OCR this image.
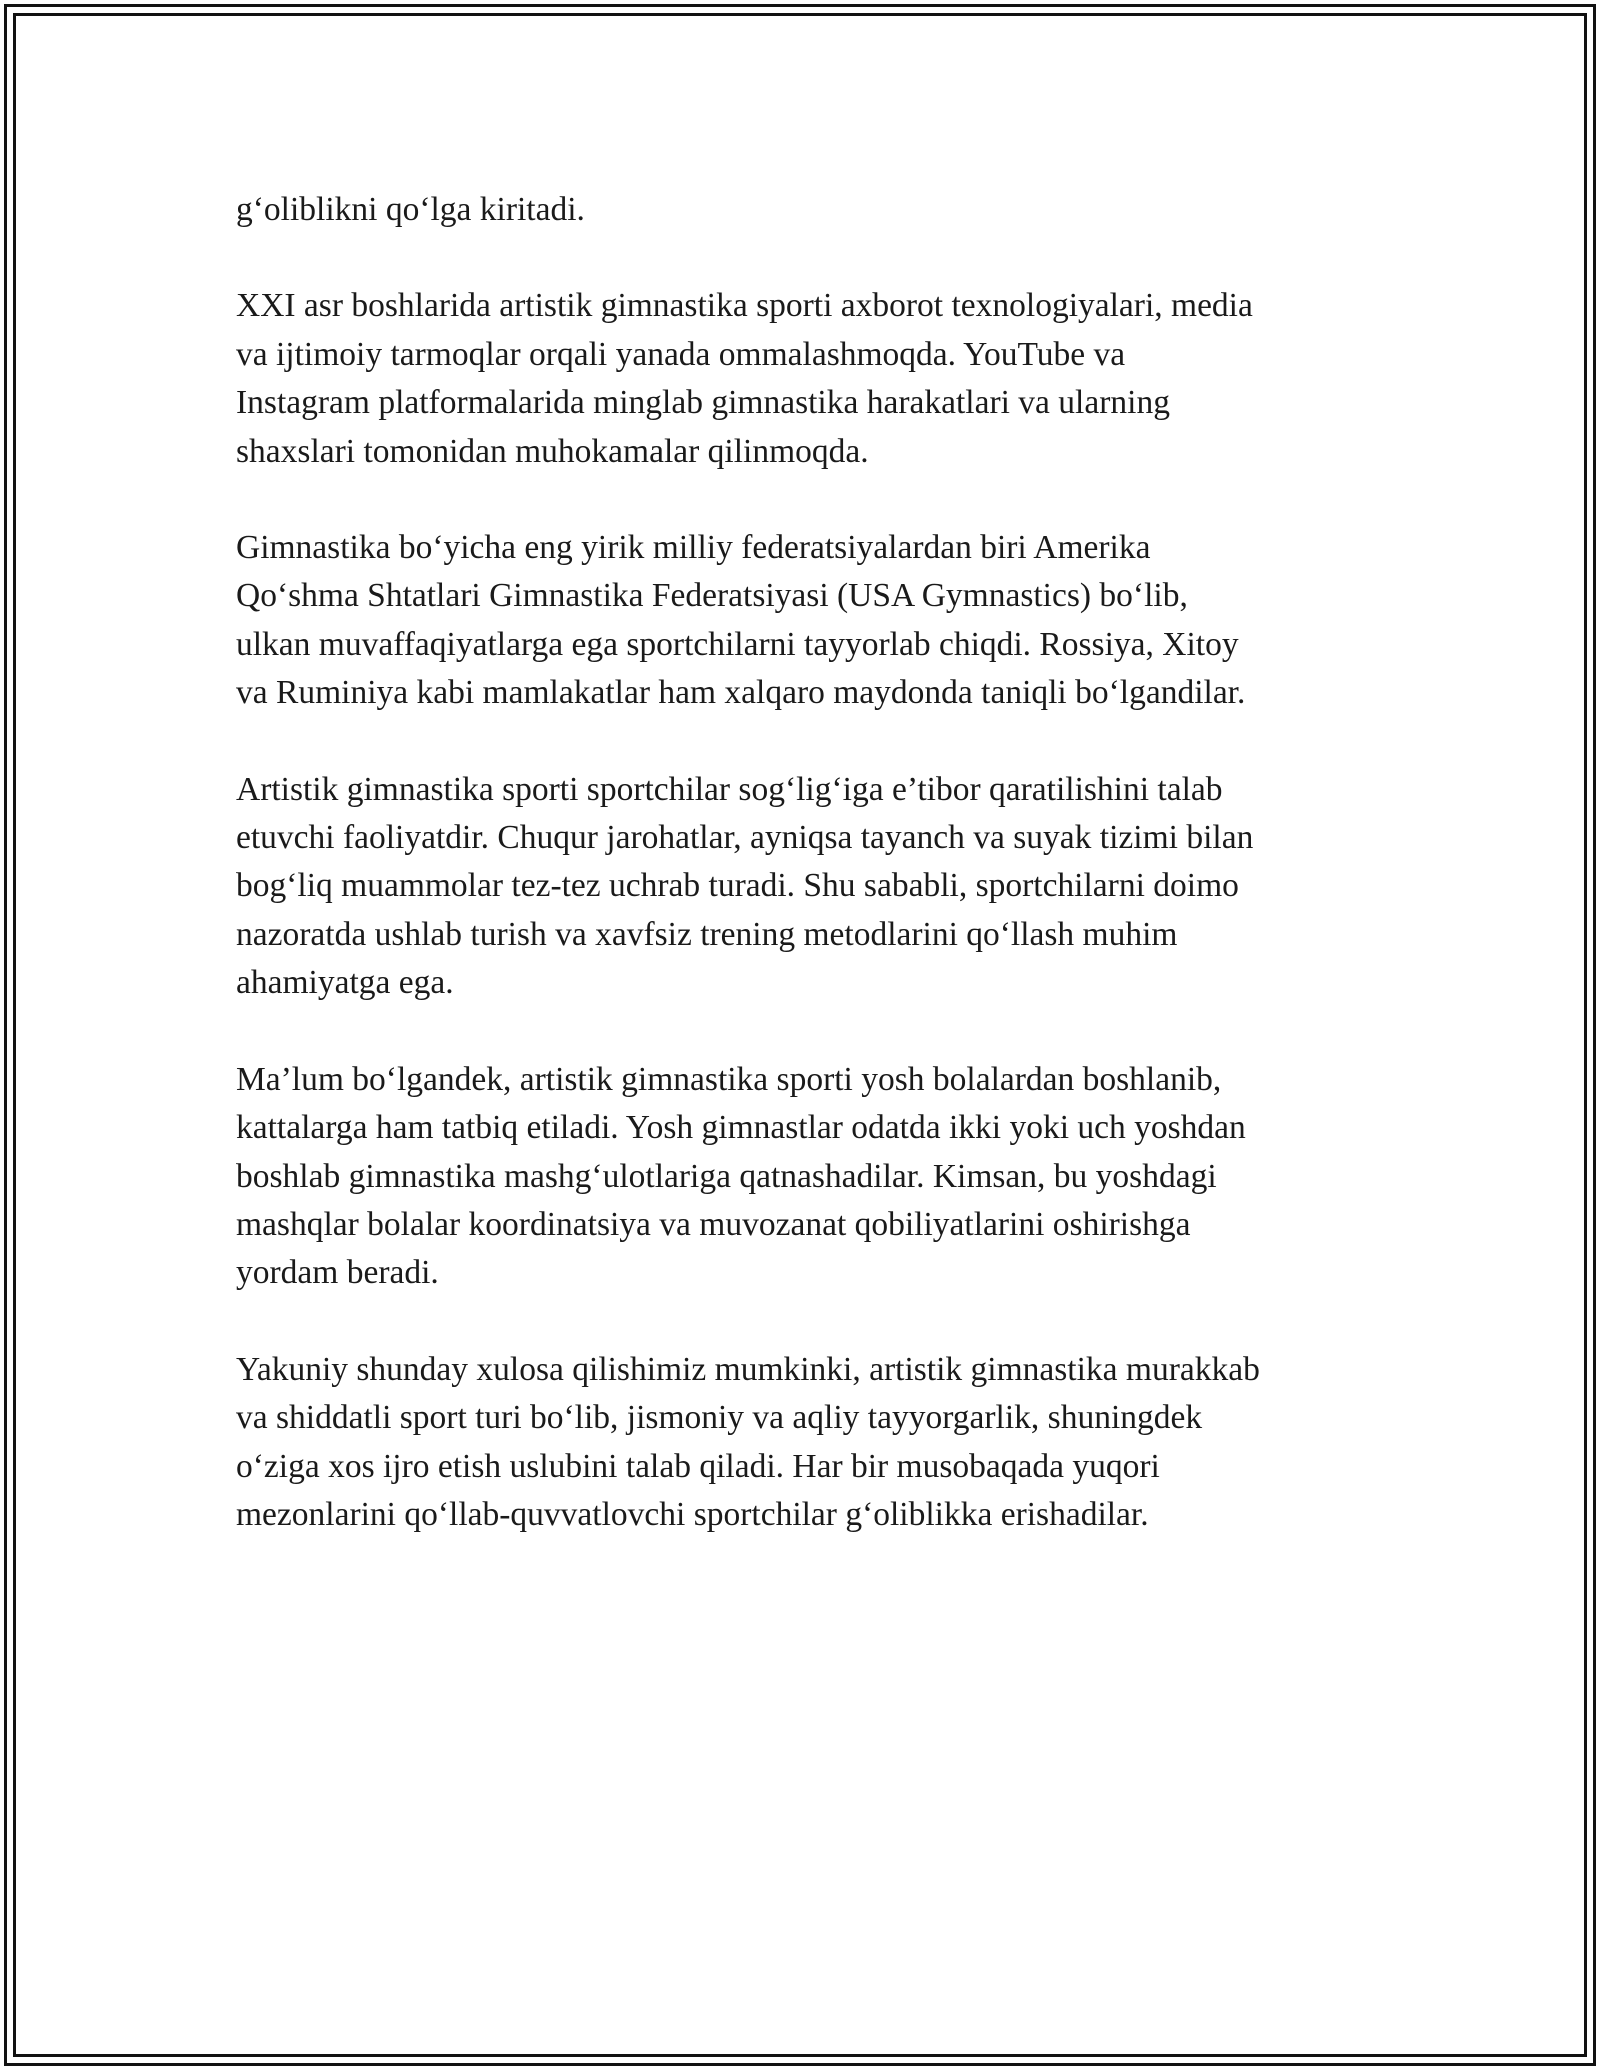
g‘oliblikni qo‘lga kiritadi.

XXI asr boshlarida artistik gimnastika sporti axborot texnologiyalari, media
va ijtimoiy tarmoqlar orqali yanada ommalashmoqda. YouTube va
Instagram platformalarida minglab gimnastika harakatlari va ularning
shaxslari tomonidan muhokamalar qilinmoqda.

Gimnastika bo‘yicha eng yirik milliy federatsiyalardan biri Amerika
Qo‘shma Shtatlari Gimnastika Federatsiyasi (USA Gymnastics) bo‘lib,
ulkan muvaffaqiyatlarga ega sportchilarni tayyorlab chiqdi. Rossiya, Xitoy
va Ruminiya kabi mamlakatlar ham xalqaro maydonda taniqli bo‘lgandilar.

Artistik gimnastika sporti sportchilar sog‘lig‘iga e’tibor qaratilishini talab
etuvchi faoliyatdir. Chuqur jarohatlar, ayniqsa tayanch va suyak tizimi bilan
bog‘liq muammolar tez-tez uchrab turadi. Shu sababli, sportchilarni doimo
nazoratda ushlab turish va xavfsiz trening metodlarini qo‘llash muhim
ahamiyatga ega.

Ma’lum bo‘lgandek, artistik gimnastika sporti yosh bolalardan boshlanib,
kattalarga ham tatbiq etiladi. Yosh gimnastlar odatda ikki yoki uch yoshdan
boshlab gimnastika mashg‘ulotlariga qatnashadilar. Kimsan, bu yoshdagi
mashqlar bolalar koordinatsiya va muvozanat qobiliyatlarini oshirishga
yordam beradi.

Yakuniy shunday xulosa qilishimiz mumkinki, artistik gimnastika murakkab
va shiddatli sport turi bo‘lib, jismoniy va aqliy tayyorgarlik, shuningdek
o‘ziga xos ijro etish uslubini talab qiladi. Har bir musobaqada yuqori
mezonlarini qo‘llab-quvvatlovchi sportchilar g‘oliblikka erishadilar.
